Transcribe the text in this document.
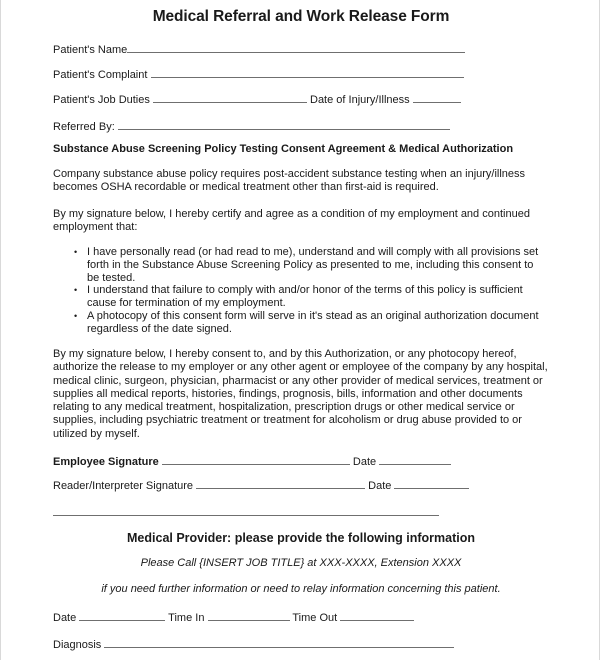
Medical Referral and Work Release Form
Patient's Name
Patient's Complaint
Patient's Job Duties	Date of Injury/Illness
Referred By:
Substance Abuse Screening Policy Testing Consent Agreement & Medical Authorization
Company substance abuse policy requires post-accident substance testing when an injury/illness
becomes OSHA recordable or medical treatment other than first-aid is required.
By my signature below, I hereby certify and agree as a condition of my employment and continued
employment that:
• I have personally read (or had read to me), understand and will comply with all provisions set
forth in the Substance Abuse Screening Policy as presented to me, including this consent to
be tested.
• I understand that failure to comply with and/or honor of the terms of this policy is sufficient
cause for termination of my employment.
• A photocopy of this consent form will serve in it's stead as an original authorization document
regardless of the date signed.
By my signature below, I hereby consent to, and by this Authorization, or any photocopy hereof,
authorize the release to my employer or any other agent or employee of the company by any hospital,
medical clinic, surgeon, physician, pharmacist or any other provider of medical services, treatment or
supplies all medical reports, histories, findings, prognosis, bills, information and other documents
relating to any medical treatment, hospitalization, prescription drugs or other medical service or
supplies, including psychiatric treatment or treatment for alcoholism or drug abuse provided to or
utilized by myself.
Employee Signature	Date
Reader/Interpreter Signature	Date
Medical Provider: please provide the following information
Please Call {INSERT JOB TITLE} at XXX-XXXX, Extension XXXX
if you need further information or need to relay information concerning this patient.
Date	Time In	Time Out
Diagnosis
